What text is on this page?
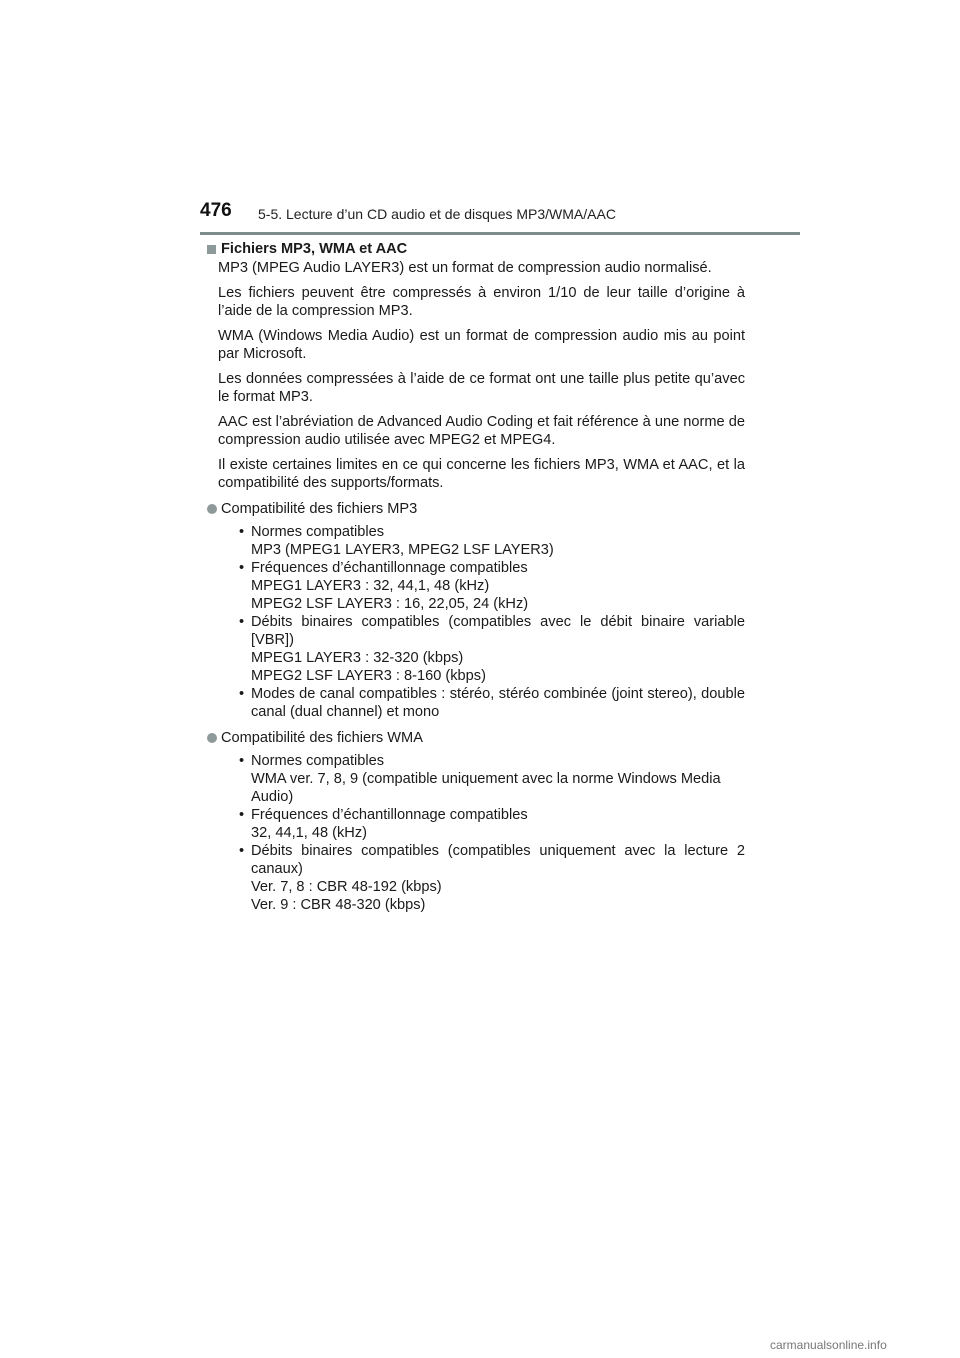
476 5-5. Lecture d’un CD audio et de disques MP3/WMA/AAC
Fichiers MP3, WMA et AAC

MP3 (MPEG Audio LAYER3) est un format de compression audio normalisé.

Les fichiers peuvent être compressés à environ 1/10 de leur taille d’origine à l’aide de la compression MP3.

WMA (Windows Media Audio) est un format de compression audio mis au point par Microsoft.

Les données compressées à l’aide de ce format ont une taille plus petite qu’avec le format MP3.

AAC est l’abréviation de Advanced Audio Coding et fait référence à une norme de compression audio utilisée avec MPEG2 et MPEG4.

Il existe certaines limites en ce qui concerne les fichiers MP3, WMA et AAC, et la compatibilité des supports/formats.

Compatibilité des fichiers MP3
• Normes compatibles
MP3 (MPEG1 LAYER3, MPEG2 LSF LAYER3)
• Fréquences d’échantillonnage compatibles
MPEG1 LAYER3 : 32, 44,1, 48 (kHz)
MPEG2 LSF LAYER3 : 16, 22,05, 24 (kHz)
• Débits binaires compatibles (compatibles avec le débit binaire variable [VBR])
MPEG1 LAYER3 : 32-320 (kbps)
MPEG2 LSF LAYER3 : 8-160 (kbps)
• Modes de canal compatibles : stéréo, stéréo combinée (joint stereo), double canal (dual channel) et mono
Compatibilité des fichiers WMA
• Normes compatibles
WMA ver. 7, 8, 9 (compatible uniquement avec la norme Windows Media Audio)
• Fréquences d’échantillonnage compatibles
32, 44,1, 48 (kHz)
• Débits binaires compatibles (compatibles uniquement avec la lecture 2 canaux)
Ver. 7, 8 : CBR 48-192 (kbps)
Ver. 9 : CBR 48-320 (kbps)
carmanualsonline.info
